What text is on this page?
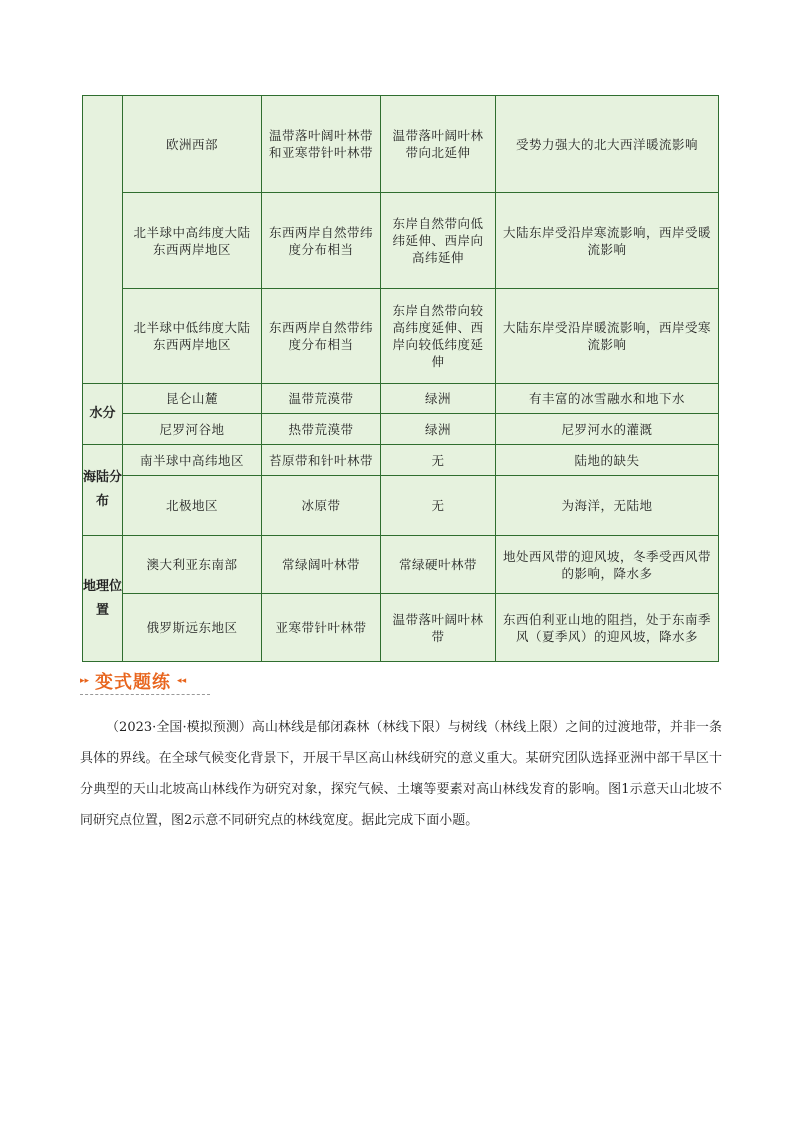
	欧洲西部	温带落叶阔叶林带和亚寒带针叶林带	温带落叶阔叶林带向北延伸	受势力强大的北大西洋暖流影响
	北半球中高纬度大陆东西两岸地区	东西两岸自然带纬度分布相当	东岸自然带向低纬延伸、西岸向高纬延伸	大陆东岸受沿岸寒流影响，西岸受暖流影响
	北半球中低纬度大陆东西两岸地区	东西两岸自然带纬度分布相当	东岸自然带向较高纬度延伸、西岸向较低纬度延伸	大陆东岸受沿岸暖流影响，西岸受寒流影响
水分	昆仑山麓	温带荒漠带	绿洲	有丰富的冰雪融水和地下水
	尼罗河谷地	热带荒漠带	绿洲	尼罗河水的灌溉
海陆分布	南半球中高纬地区	苔原带和针叶林带	无	陆地的缺失
	北极地区	冰原带	无	为海洋，无陆地
地理位置	澳大利亚东南部	常绿阔叶林带	常绿硬叶林带	地处西风带的迎风坡，冬季受西风带的影响，降水多
	俄罗斯远东地区	亚寒带针叶林带	温带落叶阔叶林带	东西伯利亚山地的阻挡，处于东南季风（夏季风）的迎风坡，降水多
▸▸ 变式题练 ◂◂

（2023·全国·模拟预测）高山林线是郁闭森林（林线下限）与树线（林线上限）之间的过渡地带，并非一条具体的界线。在全球气候变化背景下，开展干旱区高山林线研究的意义重大。某研究团队选择亚洲中部干旱区十分典型的天山北坡高山林线作为研究对象，探究气候、土壤等要素对高山林线发育的影响。图1示意天山北坡不同研究点位置，图2示意不同研究点的林线宽度。据此完成下面小题。
